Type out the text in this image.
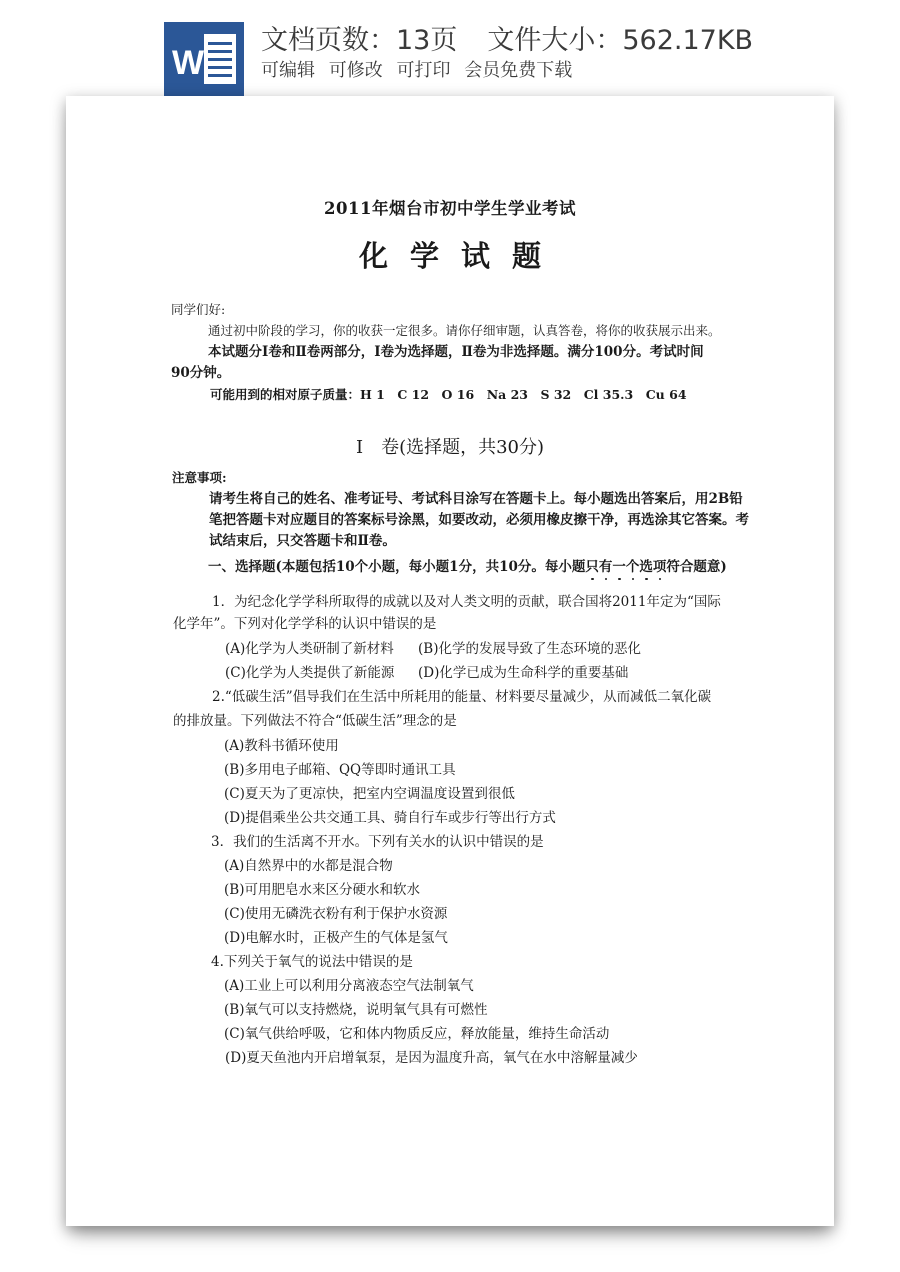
W
文档页数：13页 文件大小：562.17KB
可编辑 可修改 可打印 会员免费下载
2011年烟台市初中学生学业考试
化 学 试 题
同学们好:
通过初中阶段的学习，你的收获一定很多。请你仔细审题，认真答卷，将你的收获展示出来。
本试题分Ⅰ卷和Ⅱ卷两部分，Ⅰ卷为选择题，Ⅱ卷为非选择题。满分100分。考试时间
90分钟。
可能用到的相对原子质量：H 1　C 12　O 16　Na 23　S 32　Cl 35.3　Cu 64
Ⅰ　卷(选择题，共30分)
注意事项:
请考生将自己的姓名、准考证号、考试科目涂写在答题卡上。每小题选出答案后，用2B铅
笔把答题卡对应题目的答案标号涂黑，如要改动，必须用橡皮擦干净，再选涂其它答案。考
试结束后，只交答题卡和Ⅱ卷。
一、选择题(本题包括10个小题，每小题1分，共10分。每小题只有一个选项符合题意)
1．为纪念化学学科所取得的成就以及对人类文明的贡献，联合国将2011年定为“国际
化学年”。下列对化学学科的认识中错误的是
(A)化学为人类研制了新材料 (B)化学的发展导致了生态环境的恶化
(C)化学为人类提供了新能源 (D)化学已成为生命科学的重要基础
2.“低碳生活”倡导我们在生活中所耗用的能量、材料要尽量减少，从而减低二氧化碳
的排放量。下列做法不符合“低碳生活”理念的是
(A)教科书循环使用
(B)多用电子邮箱、QQ等即时通讯工具
(C)夏天为了更凉快，把室内空调温度设置到很低
(D)提倡乘坐公共交通工具、骑自行车或步行等出行方式
3．我们的生活离不开水。下列有关水的认识中错误的是
(A)自然界中的水都是混合物
(B)可用肥皂水来区分硬水和软水
(C)使用无磷洗衣粉有利于保护水资源
(D)电解水时，正极产生的气体是氢气
4.下列关于氧气的说法中错误的是
(A)工业上可以利用分离液态空气法制氧气
(B)氧气可以支持燃烧，说明氧气具有可燃性
(C)氧气供给呼吸，它和体内物质反应，释放能量，维持生命活动
(D)夏天鱼池内开启增氧泵，是因为温度升高，氧气在水中溶解量减少
